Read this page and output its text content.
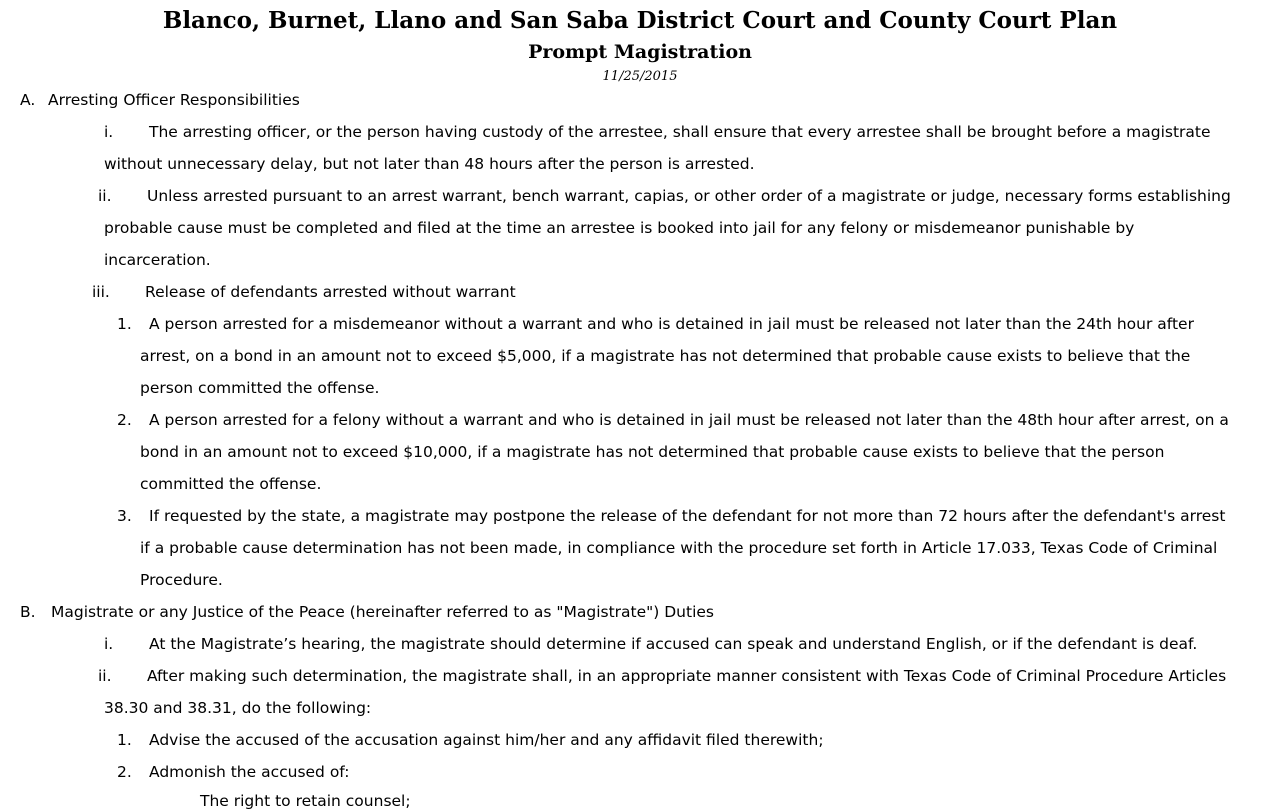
Blanco, Burnet, Llano and San Saba District Court and County Court Plan
Prompt Magistration
11/25/2015
A. Arresting Officer Responsibilities
i. The arresting officer, or the person having custody of the arrestee, shall ensure that every arrestee shall be brought before a magistrate
without unnecessary delay, but not later than 48 hours after the person is arrested.
ii. Unless arrested pursuant to an arrest warrant, bench warrant, capias, or other order of a magistrate or judge, necessary forms establishing
probable cause must be completed and filed at the time an arrestee is booked into jail for any felony or misdemeanor punishable by
incarceration.
iii. Release of defendants arrested without warrant
1. A person arrested for a misdemeanor without a warrant and who is detained in jail must be released not later than the 24th hour after
arrest, on a bond in an amount not to exceed $5,000, if a magistrate has not determined that probable cause exists to believe that the
person committed the offense.
2. A person arrested for a felony without a warrant and who is detained in jail must be released not later than the 48th hour after arrest, on a
bond in an amount not to exceed $10,000, if a magistrate has not determined that probable cause exists to believe that the person
committed the offense.
3. If requested by the state, a magistrate may postpone the release of the defendant for not more than 72 hours after the defendant's arrest
if a probable cause determination has not been made, in compliance with the procedure set forth in Article 17.033, Texas Code of Criminal
Procedure.
B. Magistrate or any Justice of the Peace (hereinafter referred to as "Magistrate") Duties
i. At the Magistrate’s hearing, the magistrate should determine if accused can speak and understand English, or if the defendant is deaf.
ii. After making such determination, the magistrate shall, in an appropriate manner consistent with Texas Code of Criminal Procedure Articles
38.30 and 38.31, do the following:
1. Advise the accused of the accusation against him/her and any affidavit filed therewith;
2. Admonish the accused of:
The right to retain counsel;
